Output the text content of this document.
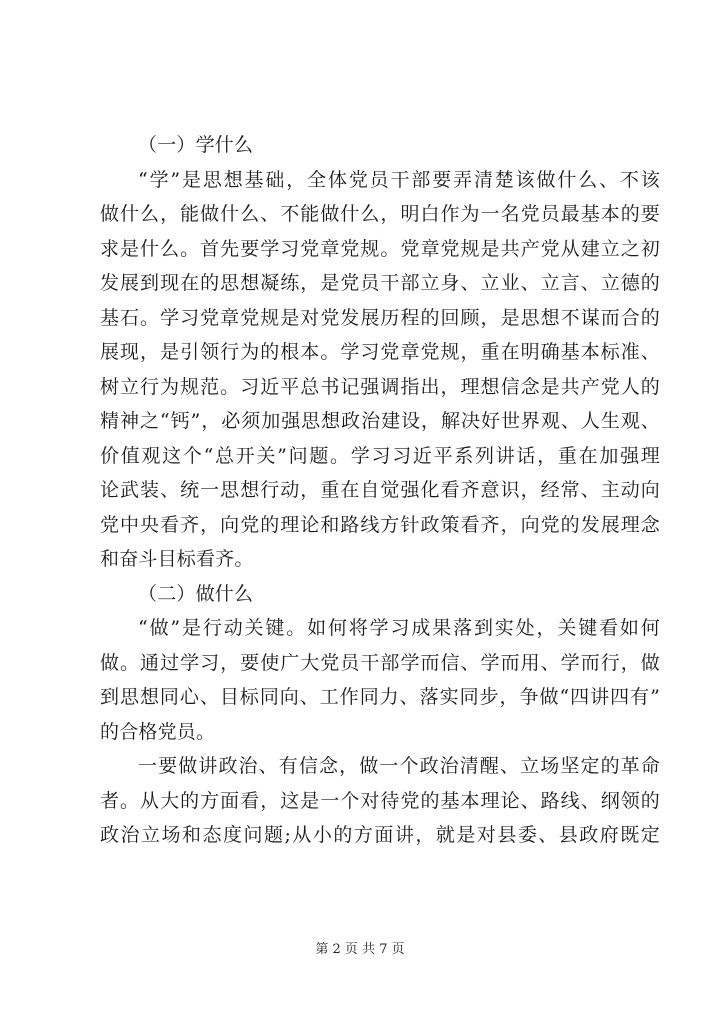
（一）学什么
“学”是思想基础，全体党员干部要弄清楚该做什么、不该
做什么，能做什么、不能做什么，明白作为一名党员最基本的要
求是什么。首先要学习党章党规。党章党规是共产党从建立之初
发展到现在的思想凝练，是党员干部立身、立业、立言、立德的
基石。学习党章党规是对党发展历程的回顾，是思想不谋而合的
展现，是引领行为的根本。学习党章党规，重在明确基本标准、
树立行为规范。习近平总书记强调指出，理想信念是共产党人的
精神之“钙”，必须加强思想政治建设，解决好世界观、人生观、
价值观这个“总开关”问题。学习习近平系列讲话，重在加强理
论武装、统一思想行动，重在自觉强化看齐意识，经常、主动向
党中央看齐，向党的理论和路线方针政策看齐，向党的发展理念
和奋斗目标看齐。
（二）做什么
“做”是行动关键。如何将学习成果落到实处，关键看如何
做。通过学习，要使广大党员干部学而信、学而用、学而行，做
到思想同心、目标同向、工作同力、落实同步，争做“四讲四有”
的合格党员。
一要做讲政治、有信念，做一个政治清醒、立场坚定的革命
者。从大的方面看，这是一个对待党的基本理论、路线、纲领的
政治立场和态度问题;从小的方面讲，就是对县委、县政府既定
第 2 页 共 7 页
